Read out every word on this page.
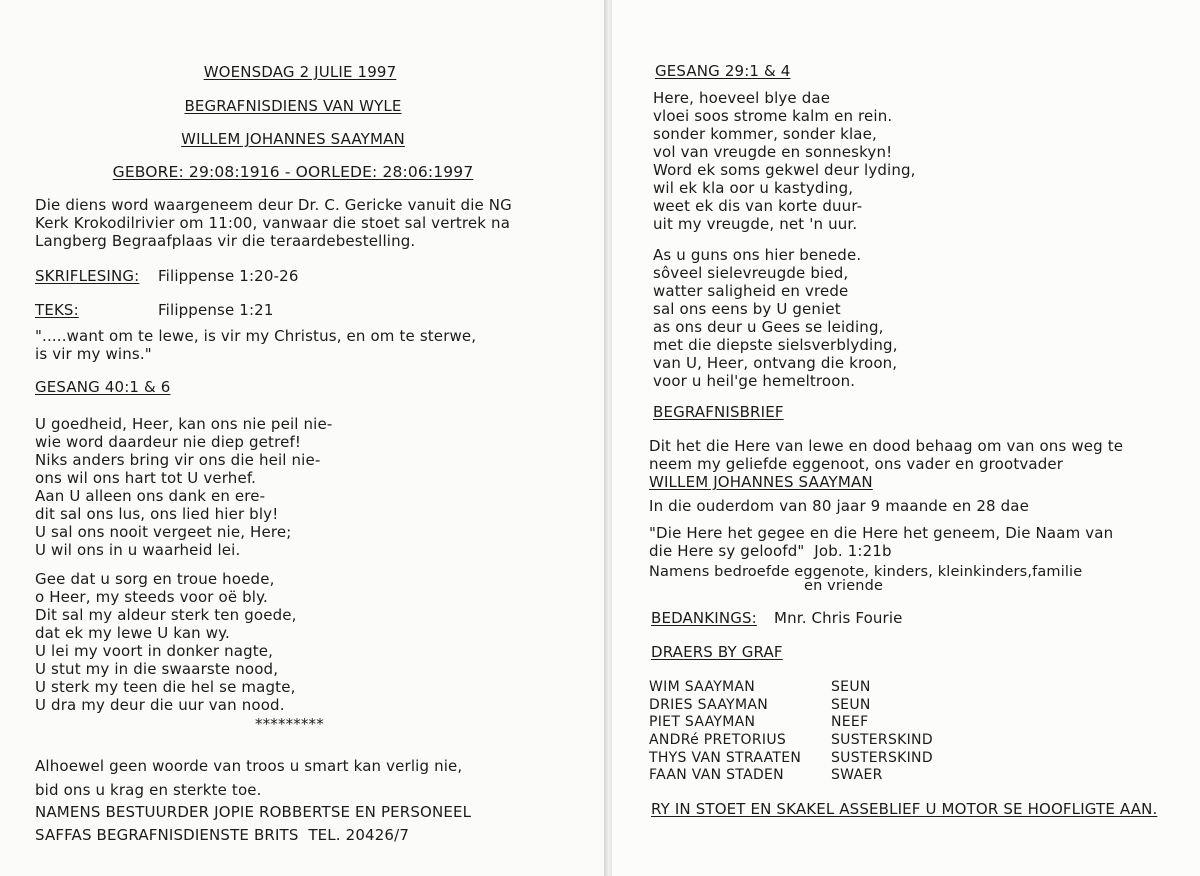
WOENSDAG 2 JULIE 1997
BEGRAFNISDIENS VAN WYLE
WILLEM JOHANNES SAAYMAN
GEBORE: 29:08:1916 - OORLEDE: 28:06:1997
Die diens word waargeneem deur Dr. C. Gericke vanuit die NG
Kerk Krokodilrivier om 11:00, vanwaar die stoet sal vertrek na
Langberg Begraafplaas vir die teraardebestelling.
SKRIFLESING: Filippense 1:20-26
TEKS:	Filippense 1:21
".....want om te lewe, is vir my Christus, en om te sterwe,
is vir my wins."
GESANG 40:1 & 6
U goedheid, Heer, kan ons nie peil nie-
wie word daardeur nie diep getref!
Niks anders bring vir ons die heil nie-
ons wil ons hart tot U verhef.
Aan U alleen ons dank en ere-
dit sal ons lus, ons lied hier bly!
U sal ons nooit vergeet nie, Here;
U wil ons in u waarheid lei.
Gee dat u sorg en troue hoede,
o Heer, my steeds voor oë bly.
Dit sal my aldeur sterk ten goede,
dat ek my lewe U kan wy.
U lei my voort in donker nagte,
U stut my in die swaarste nood,
U sterk my teen die hel se magte,
U dra my deur die uur van nood.
*********
Alhoewel geen woorde van troos u smart kan verlig nie,
bid ons u krag en sterkte toe.
NAMENS BESTUURDER JOPIE ROBBERTSE EN PERSONEEL
SAFFAS BEGRAFNISDIENSTE BRITS  TEL. 20426/7
GESANG 29:1 & 4
Here, hoeveel blye dae
vloei soos strome kalm en rein.
sonder kommer, sonder klae,
vol van vreugde en sonneskyn!
Word ek soms gekwel deur lyding,
wil ek kla oor u kastyding,
weet ek dis van korte duur-
uit my vreugde, net 'n uur.
As u guns ons hier benede.
sôveel sielevreugde bied,
watter saligheid en vrede
sal ons eens by U geniet
as ons deur u Gees se leiding,
met die diepste sielsverblyding,
van U, Heer, ontvang die kroon,
voor u heil'ge hemeltroon.
BEGRAFNISBRIEF
Dit het die Here van lewe en dood behaag om van ons weg te
neem my geliefde eggenoot, ons vader en grootvader
WILLEM JOHANNES SAAYMAN
In die ouderdom van 80 jaar 9 maande en 28 dae
"Die Here het gegee en die Here het geneem, Die Naam van
die Here sy geloofd"  Job. 1:21b
Namens bedroefde eggenote, kinders, kleinkinders,familie
en vriende
BEDANKINGS: Mnr. Chris Fourie
DRAERS BY GRAF
WIM SAAYMAN	SEUN
DRIES SAAYMAN	SEUN
PIET SAAYMAN	NEEF
ANDRé PRETORIUS	SUSTERSKIND
THYS VAN STRAATEN SUSTERSKIND
FAAN VAN STADEN	SWAER
RY IN STOET EN SKAKEL ASSEBLIEF U MOTOR SE HOOFLIGTE AAN.
